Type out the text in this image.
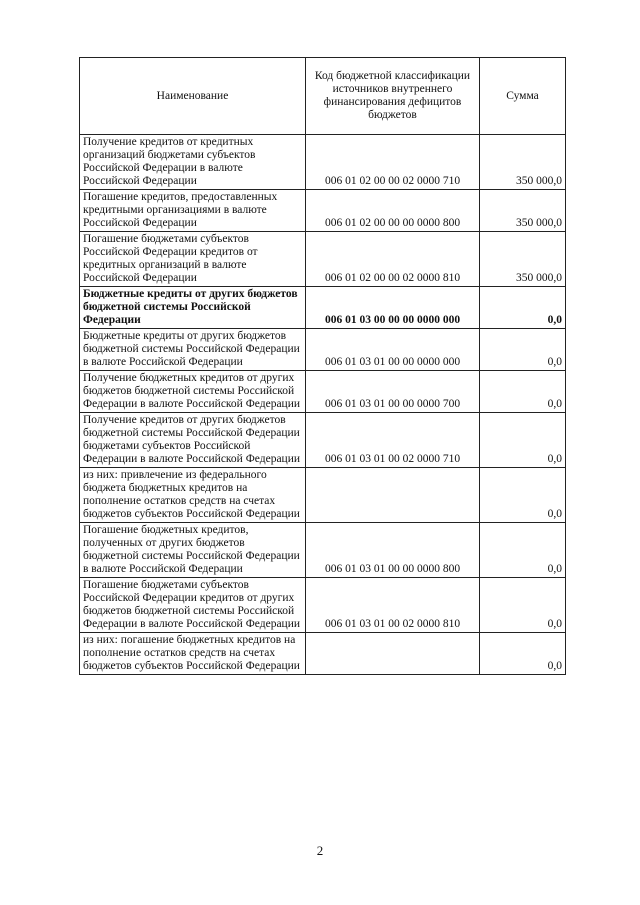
Наименование	Код бюджетной классификации источников внутреннего финансирования дефицитов бюджетов	Сумма
Получение кредитов от кредитных организаций бюджетами субъектов Российской Федерации в валюте Российской Федерации	006 01 02 00 00 02 0000 710	350 000,0
Погашение кредитов, предоставленных кредитными организациями в валюте Российской Федерации	006 01 02 00 00 00 0000 800	350 000,0
Погашение бюджетами субъектов Российской Федерации кредитов от кредитных организаций в валюте Российской Федерации	006 01 02 00 00 02 0000 810	350 000,0
Бюджетные кредиты от других бюджетов бюджетной системы Российской Федерации	006 01 03 00 00 00 0000 000	0,0
Бюджетные кредиты от других бюджетов бюджетной системы Российской Федерации в валюте Российской Федерации	006 01 03 01 00 00 0000 000	0,0
Получение бюджетных кредитов от других бюджетов бюджетной системы Российской Федерации в валюте Российской Федерации	006 01 03 01 00 00 0000 700	0,0
Получение кредитов от других бюджетов бюджетной системы Российской Федерации бюджетами субъектов Российской Федерации в валюте Российской Федерации	006 01 03 01 00 02 0000 710	0,0
из них: привлечение из федерального бюджета бюджетных кредитов на пополнение остатков средств на счетах бюджетов субъектов Российской Федерации		0,0
Погашение бюджетных кредитов, полученных от других бюджетов бюджетной системы Российской Федерации в валюте Российской Федерации	006 01 03 01 00 00 0000 800	0,0
Погашение бюджетами субъектов Российской Федерации кредитов от других бюджетов бюджетной системы Российской Федерации в валюте Российской Федерации	006 01 03 01 00 02 0000 810	0,0
из них: погашение бюджетных кредитов на пополнение остатков средств на счетах бюджетов субъектов Российской Федерации		0,0
2
